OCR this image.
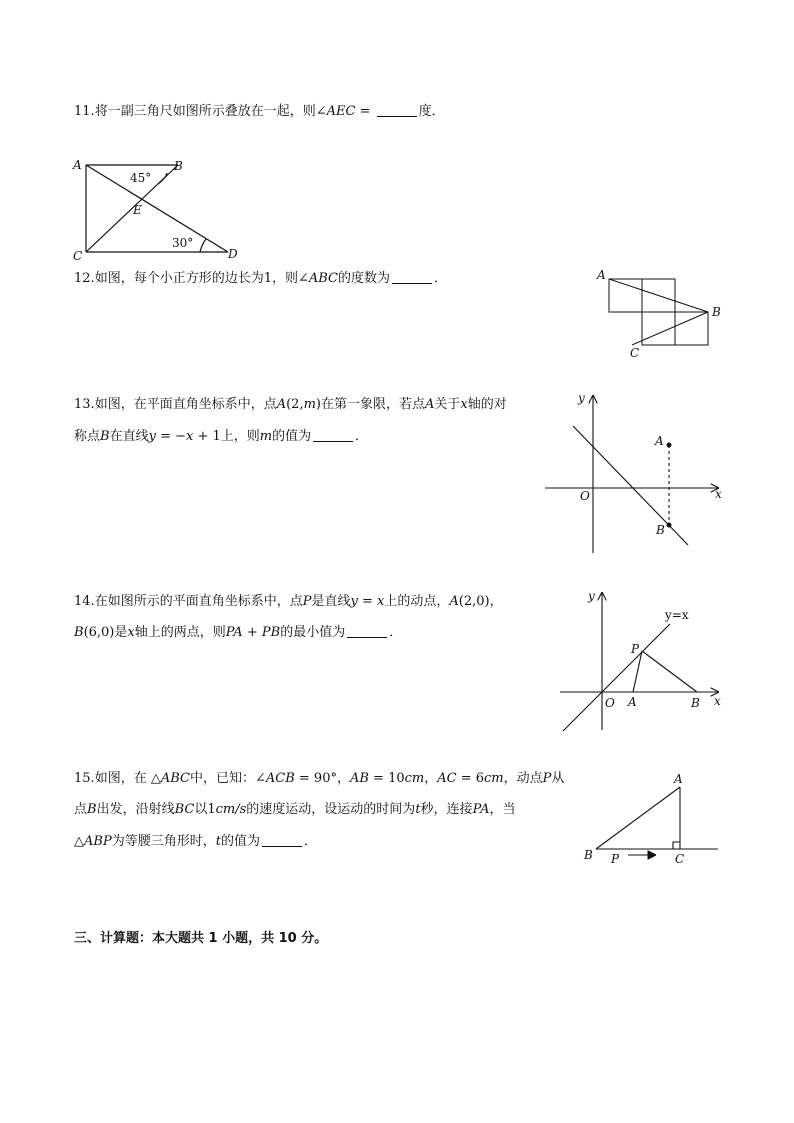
11.将一副三角尺如图所示叠放在一起，则∠AEC =	度．
A	B
C	D
E
45°
30°
12.如图，每个小正方形的边长为1，则∠ABC的度数为	．	A
B
C
13.如图，在平面直角坐标系中，点A(2,m)在第一象限，若点A关于x轴的对
称点B在直线y = −x + 1上，则m的值为	．
y
x
O
A
B
14.在如图所示的平面直角坐标系中，点P是直线y = x上的动点，A(2,0)，
B(6,0)是x轴上的两点，则PA + PB的最小值为	．
y
x
O A	B
P
y=x
15.如图，在 △ABC中，已知：∠ACB = 90°，AB = 10cm，AC = 6cm，动点P从
点B出发，沿射线BC以1cm/s的速度运动，设运动的时间为t秒，连接PA，当
△ABP为等腰三角形时，t的值为	．
A
B	C
P
三、计算题：本大题共 1 小题，共 10 分。
